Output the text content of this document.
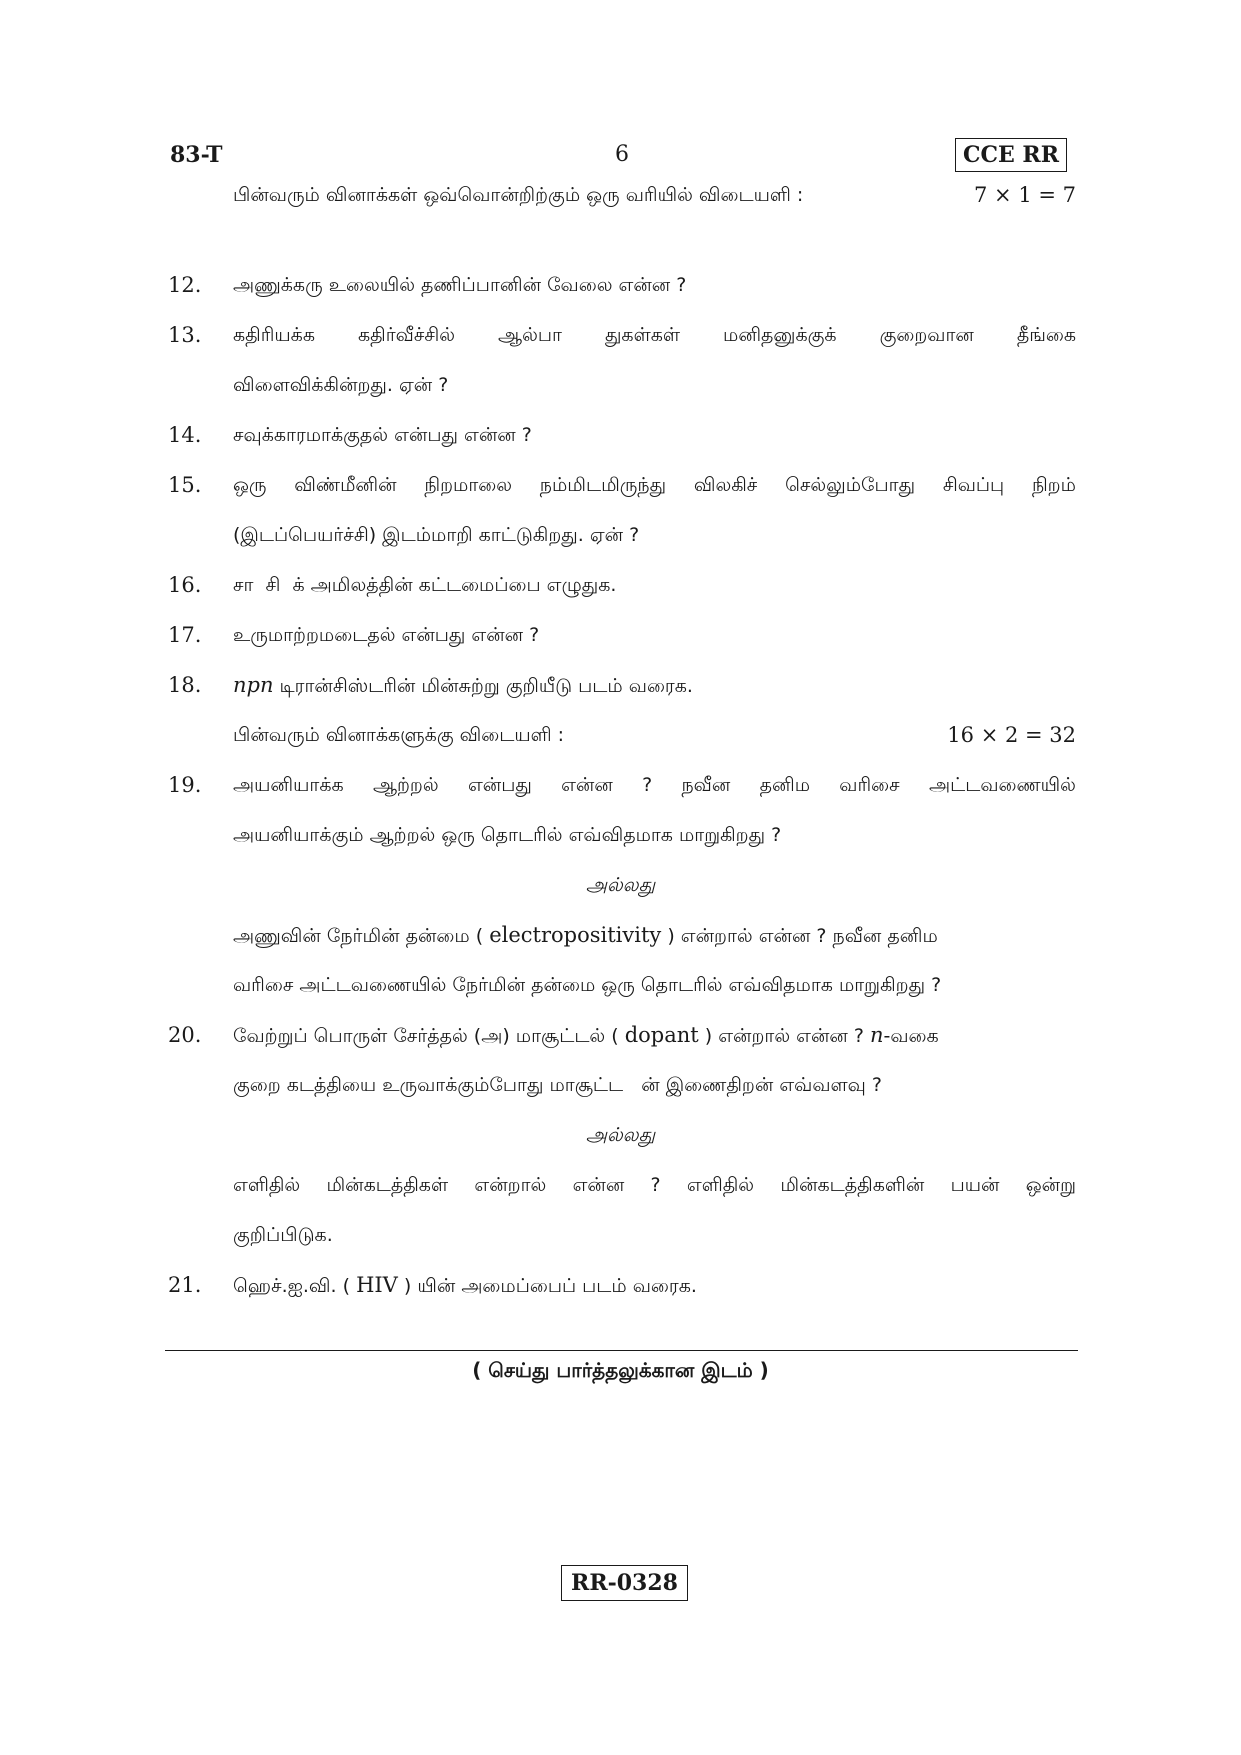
83-T	6	CCE RR
பின்வரும் வினாக்கள் ஒவ்வொன்றிற்கும் ஒரு வரியில் விடையளி :	7 × 1 = 7
12. அணுக்கரு உலையில் தணிப்பானின் வேலை என்ன ?
13. கதிரியக்க கதிர்வீச்சில் ஆல்பா துகள்கள் மனிதனுக்குக் குறைவான தீங்கை
விளைவிக்கின்றது. ஏன் ?
14. சவுக்காரமாக்குதல் என்பது என்ன ?
15. ஒரு விண்மீனின் நிறமாலை நம்மிடமிருந்து விலகிச் செல்லும்போது சிவப்பு நிறம்
(இடப்பெயர்ச்சி) இடம்மாறி காட்டுகிறது. ஏன் ?
16. சா  சி  க் அமிலத்தின் கட்டமைப்பை எழுதுக.
17. உருமாற்றமடைதல் என்பது என்ன ?
18. npn டிரான்சிஸ்டரின் மின்சுற்று குறியீடு படம் வரைக.
பின்வரும் வினாக்களுக்கு விடையளி :	16 × 2 = 32
19. அயனியாக்க ஆற்றல் என்பது என்ன ? நவீன தனிம வரிசை அட்டவணையில்
அயனியாக்கும் ஆற்றல் ஒரு தொடரில் எவ்விதமாக மாறுகிறது ?
அல்லது
அணுவின் நேர்மின் தன்மை ( electropositivity ) என்றால் என்ன ? நவீன தனிம
வரிசை அட்டவணையில் நேர்மின் தன்மை ஒரு தொடரில் எவ்விதமாக மாறுகிறது ?
20. வேற்றுப் பொருள் சேர்த்தல் (அ) மாசூட்டல் ( dopant ) என்றால் என்ன ? n-வகை
குறை கடத்தியை உருவாக்கும்போது மாசூட்ட   ன் இணைதிறன் எவ்வளவு ?
அல்லது
எளிதில் மின்கடத்திகள் என்றால் என்ன ? எளிதில் மின்கடத்திகளின் பயன் ஒன்று
குறிப்பிடுக.
21. ஹெச்.ஐ.வி. ( HIV ) யின் அமைப்பைப் படம் வரைக.
( செய்து பார்த்தலுக்கான இடம் )
RR-0328
